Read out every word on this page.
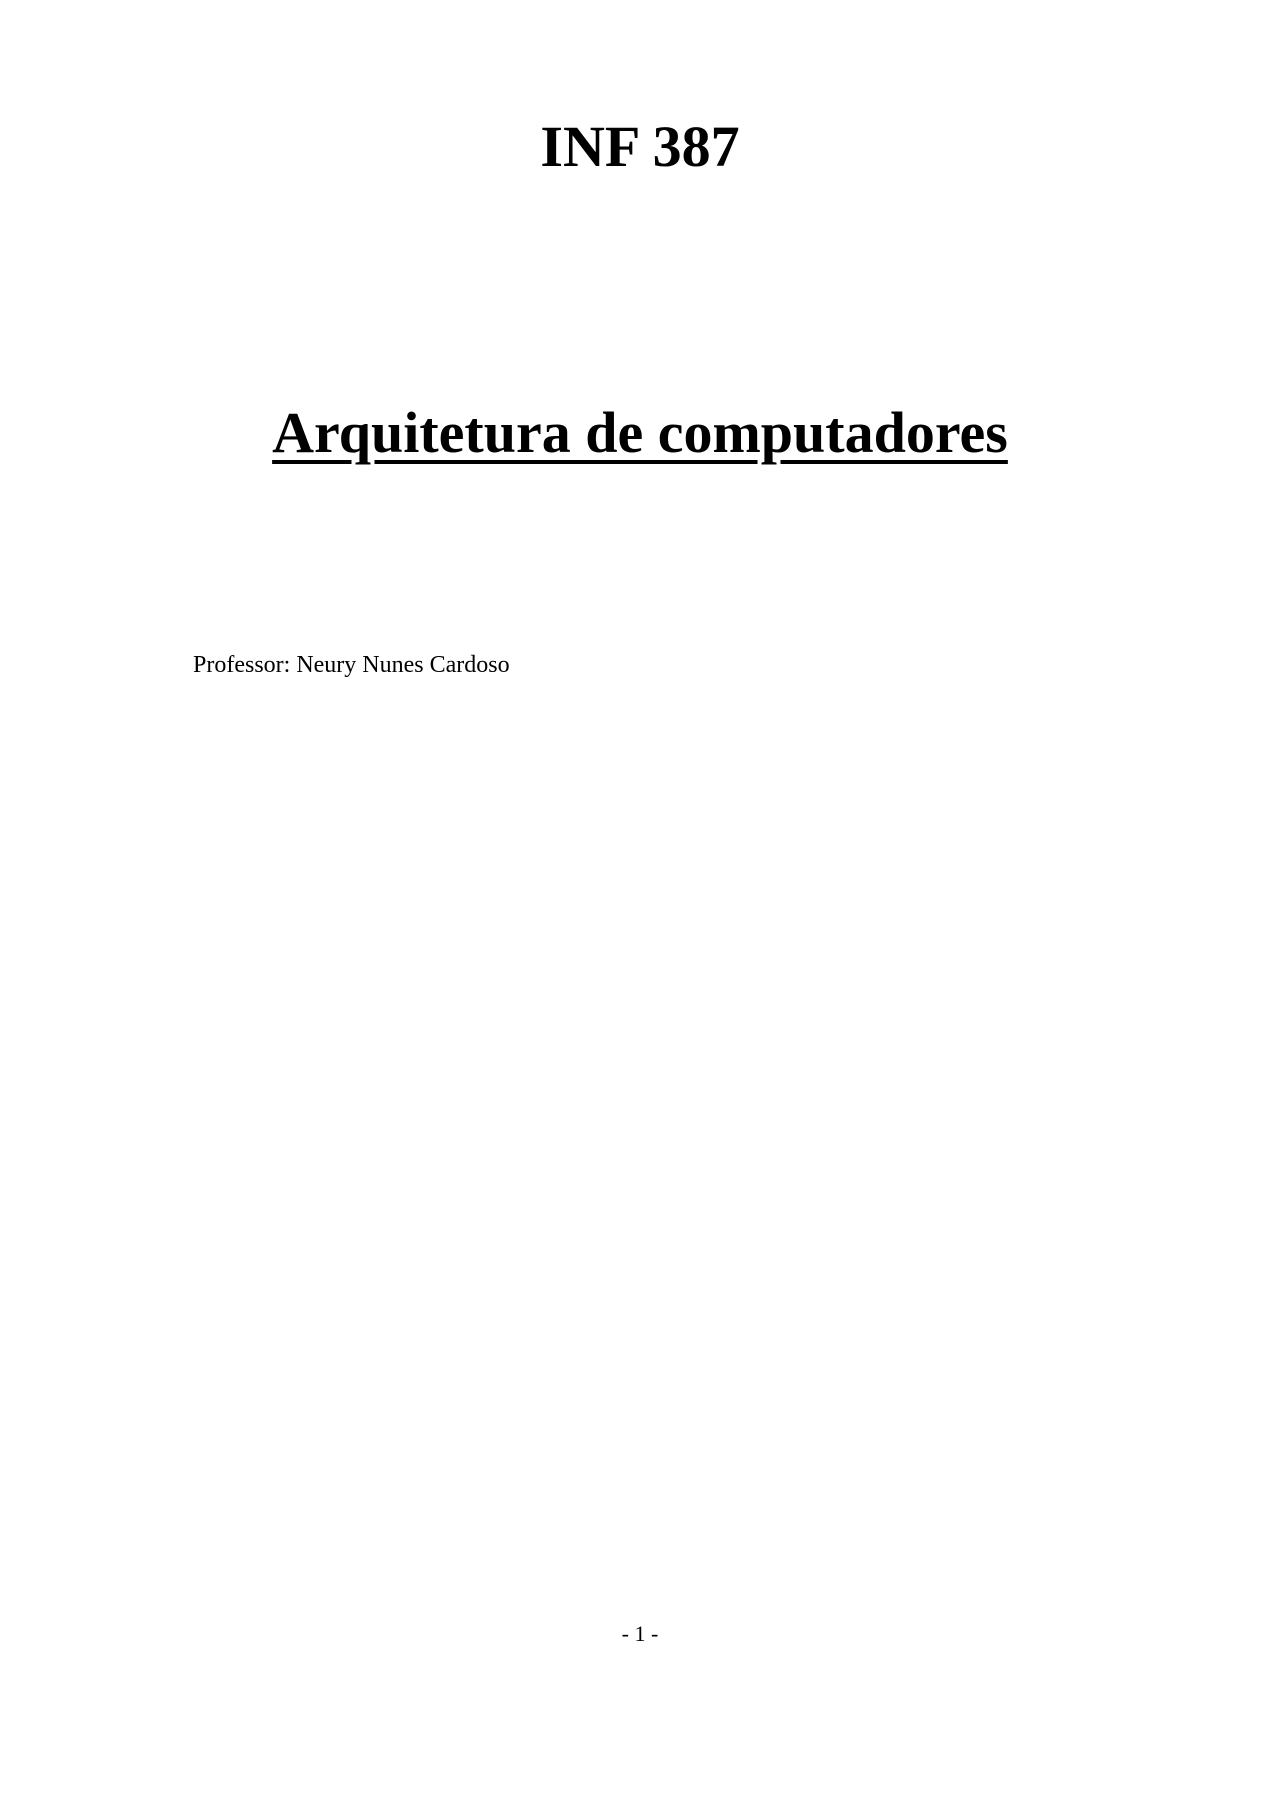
INF 387
Arquitetura de computadores
Professor: Neury Nunes Cardoso
- 1 -
